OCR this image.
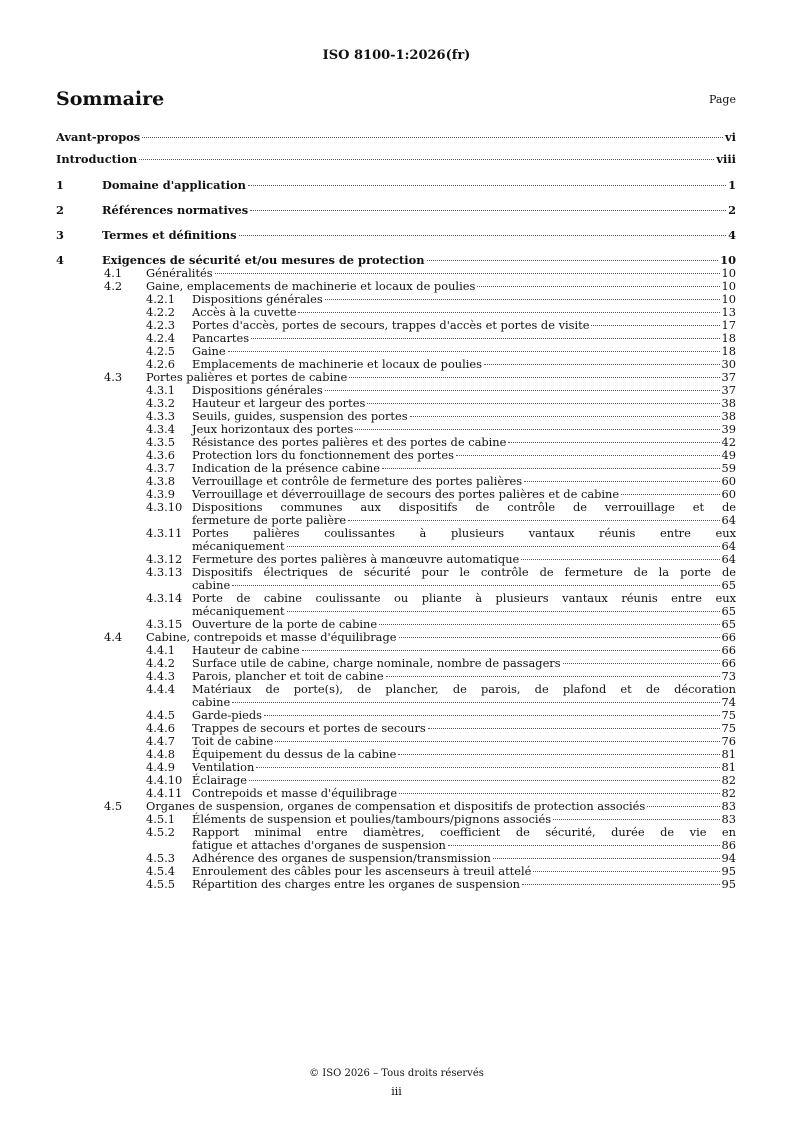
ISO 8100-1:2026(fr)
Sommaire	Page
Avant-propos	vi
Introduction	viii
1	Domaine d'application	1
2	Références normatives	2
3	Termes et définitions	4
4	Exigences de sécurité et/ou mesures de protection	10
4.1 Généralités	10
4.2 Gaine, emplacements de machinerie et locaux de poulies	10
4.2.1 Dispositions générales	10
4.2.2 Accès à la cuvette	13
4.2.3 Portes d'accès, portes de secours, trappes d'accès et portes de visite	17
4.2.4 Pancartes	18
4.2.5 Gaine	18
4.2.6 Emplacements de machinerie et locaux de poulies	30
4.3 Portes palières et portes de cabine	37
4.3.1 Dispositions générales	37
4.3.2 Hauteur et largeur des portes	38
4.3.3 Seuils, guides, suspension des portes	38
4.3.4 Jeux horizontaux des portes	39
4.3.5 Résistance des portes palières et des portes de cabine	42
4.3.6 Protection lors du fonctionnement des portes	49
4.3.7 Indication de la présence cabine	59
4.3.8 Verrouillage et contrôle de fermeture des portes palières	60
4.3.9 Verrouillage et déverrouillage de secours des portes palières et de cabine	60
4.3.10 Dispositions communes aux dispositifs de contrôle de verrouillage et de
fermeture de porte palière	64
4.3.11 Portes palières coulissantes à plusieurs vantaux réunis entre eux
mécaniquement	64
4.3.12 Fermeture des portes palières à manœuvre automatique	64
4.3.13 Dispositifs électriques de sécurité pour le contrôle de fermeture de la porte de
cabine	65
4.3.14 Porte de cabine coulissante ou pliante à plusieurs vantaux réunis entre eux
mécaniquement	65
4.3.15 Ouverture de la porte de cabine	65
4.4 Cabine, contrepoids et masse d'équilibrage	66
4.4.1 Hauteur de cabine	66
4.4.2 Surface utile de cabine, charge nominale, nombre de passagers	66
4.4.3 Parois, plancher et toit de cabine	73
4.4.4 Matériaux de porte(s), de plancher, de parois, de plafond et de décoration
cabine	74
4.4.5 Garde-pieds	75
4.4.6 Trappes de secours et portes de secours	75
4.4.7 Toit de cabine	76
4.4.8 Équipement du dessus de la cabine	81
4.4.9 Ventilation	81
4.4.10 Éclairage	82
4.4.11 Contrepoids et masse d'équilibrage	82
4.5 Organes de suspension, organes de compensation et dispositifs de protection associés	83
4.5.1 Éléments de suspension et poulies/tambours/pignons associés	83
4.5.2 Rapport minimal entre diamètres, coefficient de sécurité, durée de vie en
fatigue et attaches d'organes de suspension	86
4.5.3 Adhérence des organes de suspension/transmission	94
4.5.4 Enroulement des câbles pour les ascenseurs à treuil attelé	95
4.5.5 Répartition des charges entre les organes de suspension	95
© ISO 2026 – Tous droits réservés
iii
